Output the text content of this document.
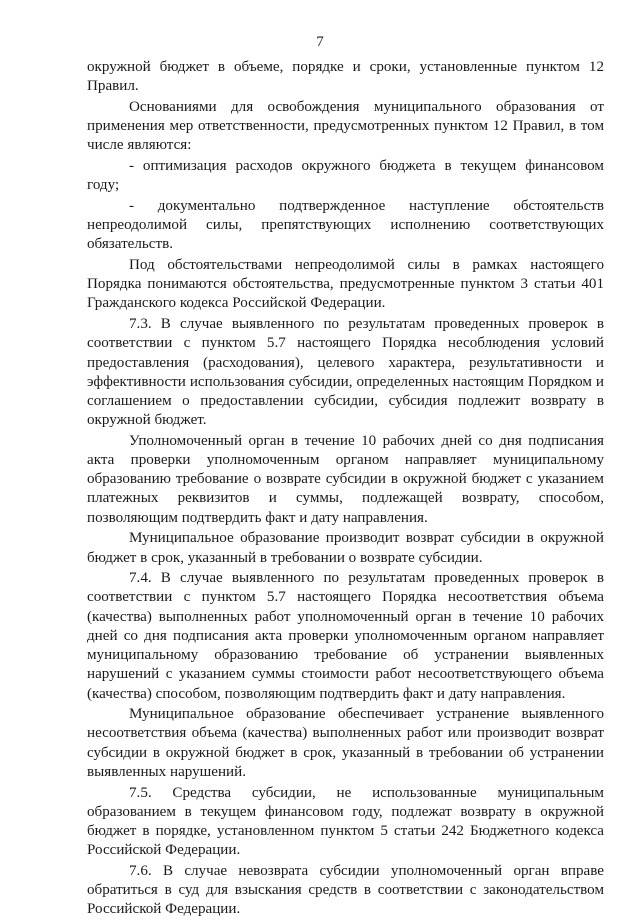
7

окружной бюджет в объеме, порядке и сроки, установленные пунктом 12 Правил.

Основаниями для освобождения муниципального образования от применения мер ответственности, предусмотренных пунктом 12 Правил, в том числе являются:

- оптимизация расходов окружного бюджета в текущем финансовом году;

- документально подтвержденное наступление обстоятельств непреодолимой силы, препятствующих исполнению соответствующих обязательств.

Под обстоятельствами непреодолимой силы в рамках настоящего Порядка понимаются обстоятельства, предусмотренные пунктом 3 статьи 401 Гражданского кодекса Российской Федерации.

7.3. В случае выявленного по результатам проведенных проверок в соответствии с пунктом 5.7 настоящего Порядка несоблюдения условий предоставления (расходования), целевого характера, результативности и эффективности использования субсидии, определенных настоящим Порядком и соглашением о предоставлении субсидии, субсидия подлежит возврату в окружной бюджет.

Уполномоченный орган в течение 10 рабочих дней со дня подписания акта проверки уполномоченным органом направляет муниципальному образованию требование о возврате субсидии в окружной бюджет с указанием платежных реквизитов и суммы, подлежащей возврату, способом, позволяющим подтвердить факт и дату направления.

Муниципальное образование производит возврат субсидии в окружной бюджет в срок, указанный в требовании о возврате субсидии.

7.4. В случае выявленного по результатам проведенных проверок в соответствии с пунктом 5.7 настоящего Порядка несоответствия объема (качества) выполненных работ уполномоченный орган в течение 10 рабочих дней со дня подписания акта проверки уполномоченным органом направляет муниципальному образованию требование об устранении выявленных нарушений с указанием суммы стоимости работ несоответствующего объема (качества) способом, позволяющим подтвердить факт и дату направления.

Муниципальное образование обеспечивает устранение выявленного несоответствия объема (качества) выполненных работ или производит возврат субсидии в окружной бюджет в срок, указанный в требовании об устранении выявленных нарушений.

7.5. Средства субсидии, не использованные муниципальным образованием в текущем финансовом году, подлежат возврату в окружной бюджет в порядке, установленном пунктом 5 статьи 242 Бюджетного кодекса Российской Федерации.

7.6. В случае невозврата субсидии уполномоченный орган вправе обратиться в суд для взыскания средств в соответствии с законодательством Российской Федерации.
